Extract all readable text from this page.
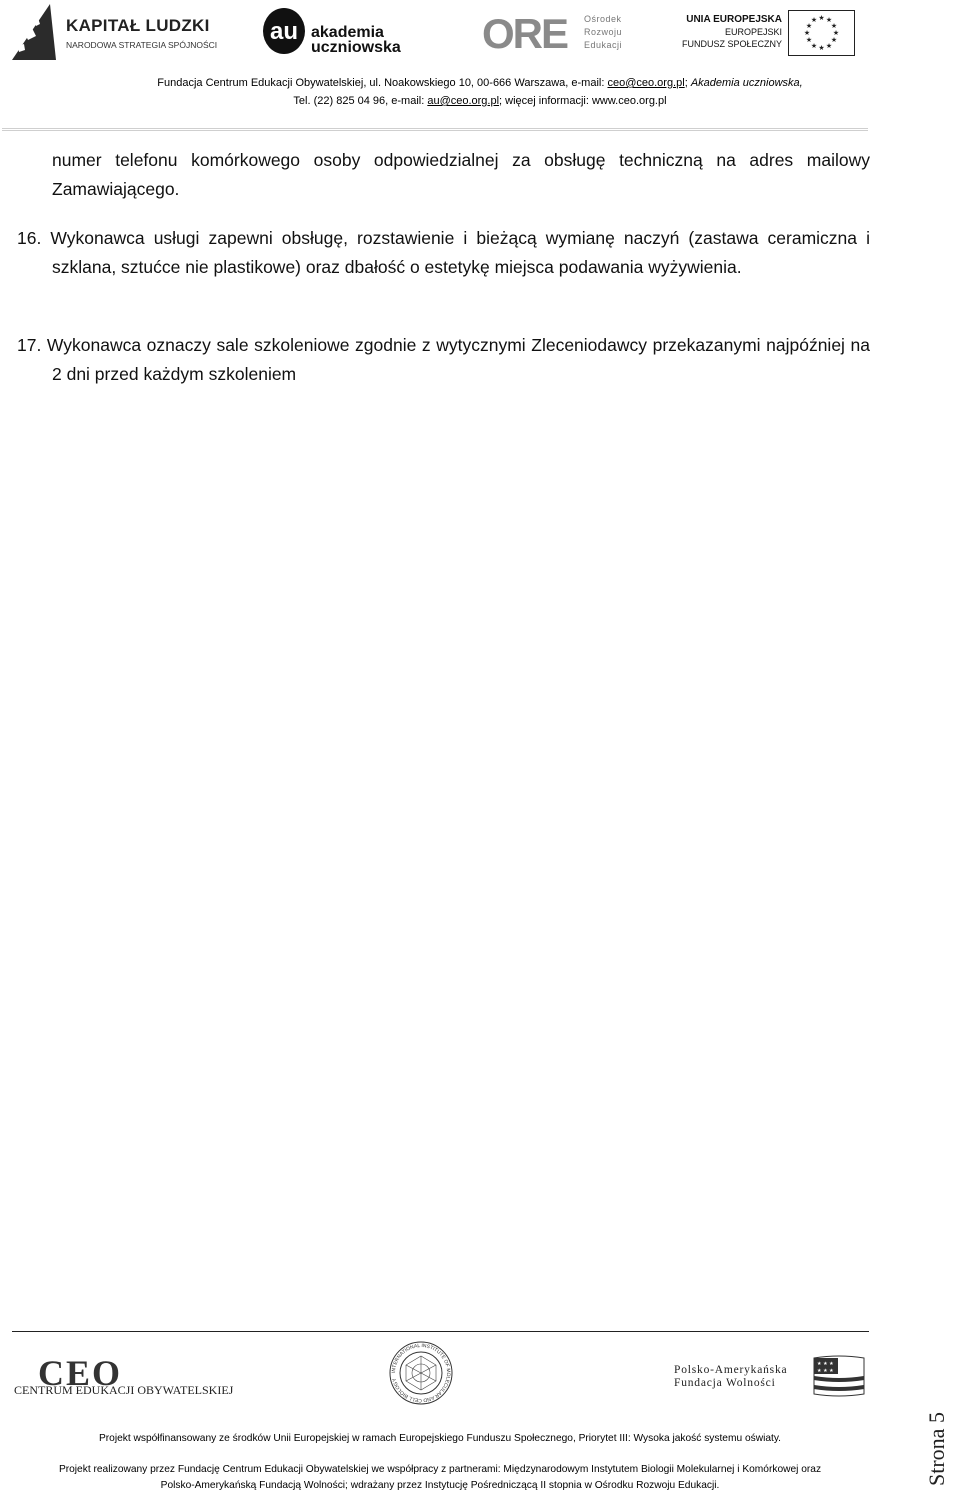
KAPITAŁ LUDZKI
NARODOWA STRATEGIA SPÓJNOŚCI au akademia
uczniowska ORE Ośrodek
Rozwoju
Edukacji
UNIA EUROPEJSKA
EUROPEJSKI
FUNDUSZ SPOŁECZNY
★ ★
★
★
★
★
★
★
★
★
★
★
Fundacja Centrum Edukacji Obywatelskiej, ul. Noakowskiego 10, 00-666 Warszawa, e-mail: ceo@ceo.org.pl; Akademia uczniowska,
Tel. (22) 825 04 96, e-mail: au@ceo.org.pl; więcej informacji: www.ceo.org.pl
numer telefonu komórkowego osoby odpowiedzialnej za obsługę techniczną na adres mailowy Zamawiającego.
16. Wykonawca usługi zapewni obsługę, rozstawienie i bieżącą wymianę naczyń (zastawa ceramiczna i szklana, sztućce nie plastikowe) oraz dbałość o estetykę miejsca podawania wyżywienia.
17. Wykonawca oznaczy sale szkoleniowe zgodnie z wytycznymi Zleceniodawcy przekazanymi najpóźniej na 2 dni przed każdym szkoleniem
CEO
CENTRUM EDUKACJI OBYWATELSKIEJ
INTERNATIONAL INSTITUTE OF MOLECULAR AND CELL BIOLOGY
Polsko-Amerykańska
Fundacja Wolności
★ ★ ★
★ ★ ★
Projekt współfinansowany ze środków Unii Europejskiej w ramach Europejskiego Funduszu Społecznego, Priorytet III: Wysoka jakość systemu oświaty.
Projekt realizowany przez Fundację Centrum Edukacji Obywatelskiej we współpracy z partnerami: Międzynarodowym Instytutem Biologii Molekularnej i Komórkowej oraz
Polsko-Amerykańską Fundacją Wolności; wdrażany przez Instytucję Pośredniczącą II stopnia w Ośrodku Rozwoju Edukacji.	Strona 5
